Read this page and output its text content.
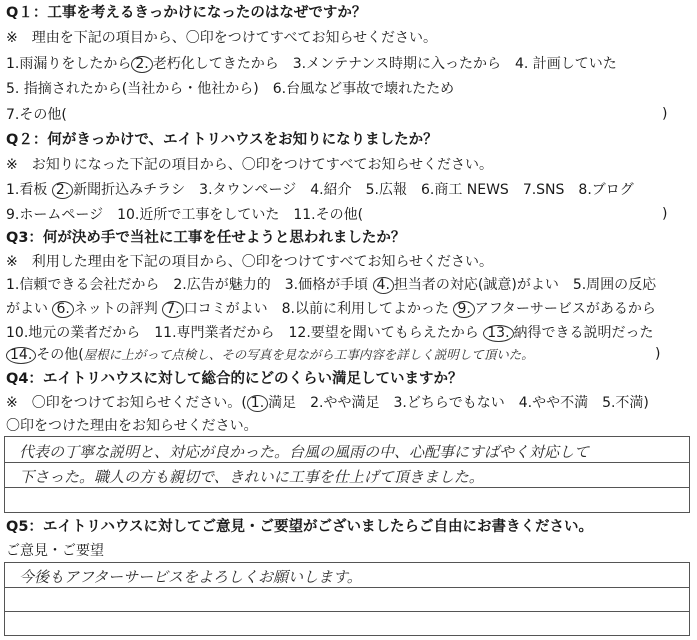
Q１：工事を考えるきっかけになったのはなぜですか？
※　理由を下記の項目から、〇印をつけてすべてお知らせください。
1.雨漏りをしたから 2. 老朽化してきたから　3.メンテナンス時期に入ったから　4. 計画していた
5. 指摘されたから(当社から・他社から)　6.台風など事故で壊れたため
7.その他(	)
Q２：何がきっかけで、エイトリハウスをお知りになりましたか？
※　お知りになった下記の項目から、〇印をつけてすべてお知らせください。
1.看板 2. 新聞折込みチラシ　3.タウンページ　4.紹介　5.広報　6.商工 NEWS　7.SNS　8.ブログ
9.ホームページ　10.近所で工事をしていた　11.その他(	)
Q3：何が決め手で当社に工事を任せようと思われましたか？
※　利用した理由を下記の項目から、〇印をつけてすべてお知らせください。
1.信頼できる会社だから　2.広告が魅力的　3.価格が手頃 4. 担当者の対応(誠意)がよい　5.周囲の反応
がよい 6. ネットの評判 7. 口コミがよい　8.以前に利用してよかった 9. アフターサービスがあるから
10.地元の業者だから　11.専門業者だから　12.要望を聞いてもらえたから 13. 納得できる説明だった
14. その他(屋根に上がって点検し、その写真を見ながら工事内容を詳しく説明して頂いた。	)
Q4：エイトリハウスに対して総合的にどのくらい満足していますか？
※　〇印をつけてお知らせください。( 1. 満足　2.やや満足　3.どちらでもない　4.やや不満　5.不満)
〇印をつけた理由をお知らせください。
代表の丁寧な説明と、対応が良かった。台風の風雨の中、心配事にすばやく対応して
下さった。職人の方も親切で、きれいに工事を仕上げて頂きました。
Q5：エイトリハウスに対してご意見・ご要望がございましたらご自由にお書きください。
ご意見・ご要望
今後もアフターサービスをよろしくお願いします。
